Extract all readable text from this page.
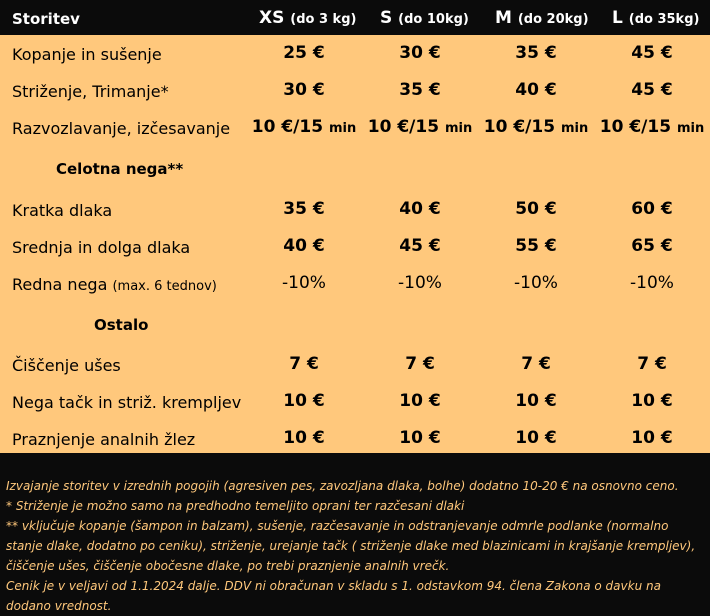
Storitev	XS (do 3 kg) S (do 10kg) M (do 20kg) L (do 35kg)
Kopanje in sušenje	25 €	30 €	35 €	45 €
Striženje, Trimanje*	30 €	35 €	40 €	45 €
Razvozlavanje, izčesavanje	10 €/15 min 10 €/15 min 10 €/15 min 10 €/15 min
Celotna nega**
Kratka dlaka	35 €	40 €	50 €	60 €
Srednja in dolga dlaka	40 €	45 €	55 €	65 €
Redna nega (max. 6 tednov)	-10%	-10%	-10%	-10%
Ostalo
Čiščenje ušes	7 €	7 €	7 €	7 €
Nega tačk in striž. krempljev	10 €	10 €	10 €	10 €
Praznjenje analnih žlez	10 €	10 €	10 €	10 €

Izvajanje storitev v izrednih pogojih (agresiven pes, zavozljana dlaka, bolhe) dodatno 10-20 € na osnovno ceno.

* Striženje je možno samo na predhodno temeljito oprani ter razčesani dlaki

** vključuje kopanje (šampon in balzam), sušenje, razčesavanje in odstranjevanje odmrle podlanke (normalno stanje dlake, dodatno po ceniku), striženje, urejanje tačk ( striženje dlake med blazinicami in krajšanje krempljev), čiščenje ušes, čiščenje obočesne dlake, po trebi praznjenje analnih vrečk.

Cenik je v veljavi od 1.1.2024 dalje. DDV ni obračunan v skladu s 1. odstavkom 94. člena Zakona o davku na dodano vrednost.
